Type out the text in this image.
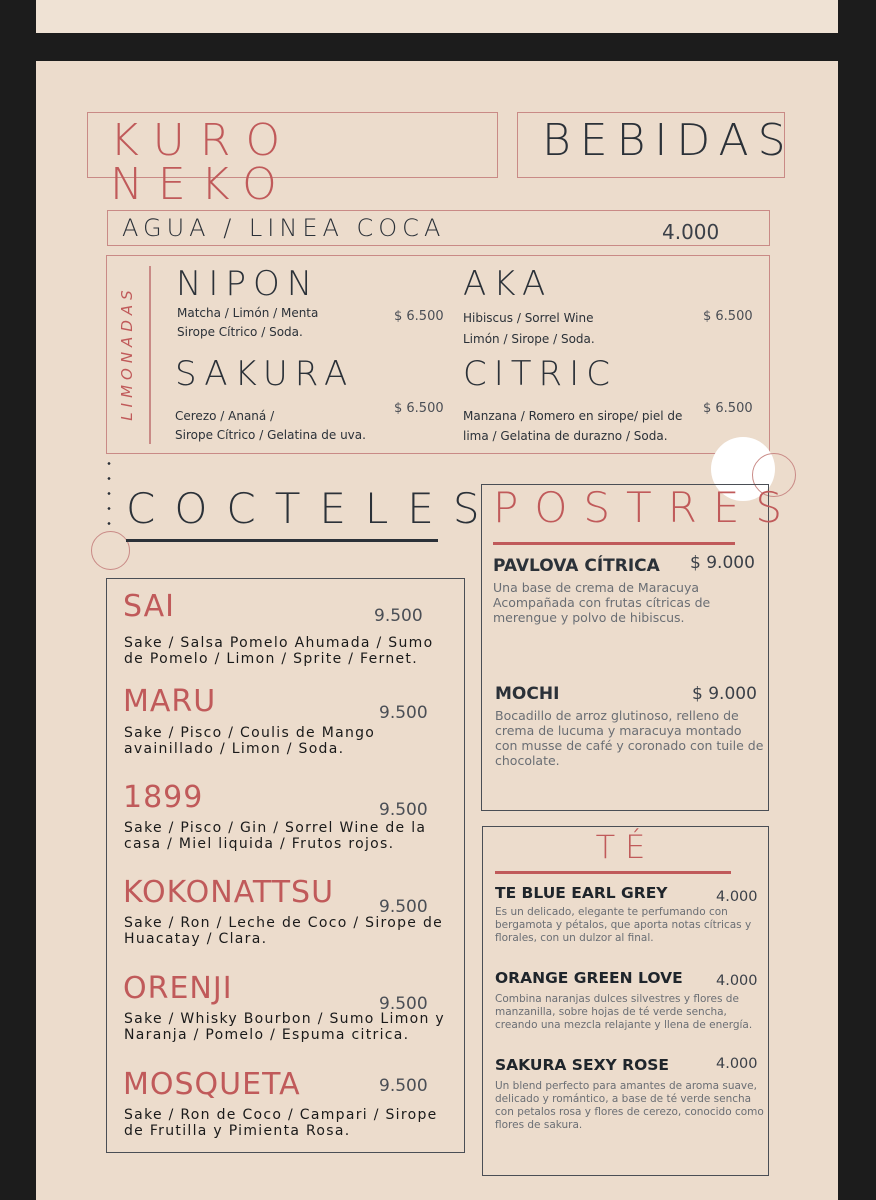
KURO NEKO
BEBIDAS
AGUA / LINEA COCA	4.000
LIMONADAS
NIPON
Matcha / Limón / Menta
Sirope Cítrico / Soda.
$ 6.500
AKA
Hibiscus / Sorrel Wine
Limón / Sirope / Soda.
$ 6.500
SAKURA
Cerezo / Ananá /
Sirope Cítrico / Gelatina de uva.
$ 6.500
CITRIC
Manzana / Romero en sirope/ piel de
lima / Gelatina de durazno / Soda.
$ 6.500
COCTELES
SAI	9.500
Sake / Salsa Pomelo Ahumada / Sumo de Pomelo / Limon / Sprite / Fernet.
MARU	9.500
Sake / Pisco / Coulis de Mango avainillado / Limon / Soda.
1899	9.500
Sake / Pisco / Gin / Sorrel Wine de la casa / Miel liquida / Frutos rojos.
KOKONATTSU	9.500
Sake / Ron / Leche de Coco / Sirope de Huacatay / Clara.
ORENJI	9.500
Sake / Whisky Bourbon / Sumo Limon y Naranja / Pomelo / Espuma citrica.
MOSQUETA	9.500
Sake / Ron de Coco / Campari / Sirope de Frutilla y Pimienta Rosa.
POSTRES
PAVLOVA CÍTRICA $ 9.000
Una base de crema de Maracuya Acompañada con frutas cítricas de merengue y polvo de hibiscus.
MOCHI	$ 9.000
Bocadillo de arroz glutinoso, relleno de crema de lucuma y maracuya montado con musse de café y coronado con tuile de chocolate.
TÉ
TE BLUE EARL GREY	4.000
Es un delicado, elegante te perfumando con bergamota y pétalos, que aporta notas cítricas y florales, con un dulzor al final.
ORANGE GREEN LOVE 4.000
Combina naranjas dulces silvestres y flores de manzanilla, sobre hojas de té verde sencha, creando una mezcla relajante y llena de energía.
SAKURA SEXY ROSE	4.000
Un blend perfecto para amantes de aroma suave, delicado y romántico, a base de té verde sencha con petalos rosa y flores de cerezo, conocido como flores de sakura.
